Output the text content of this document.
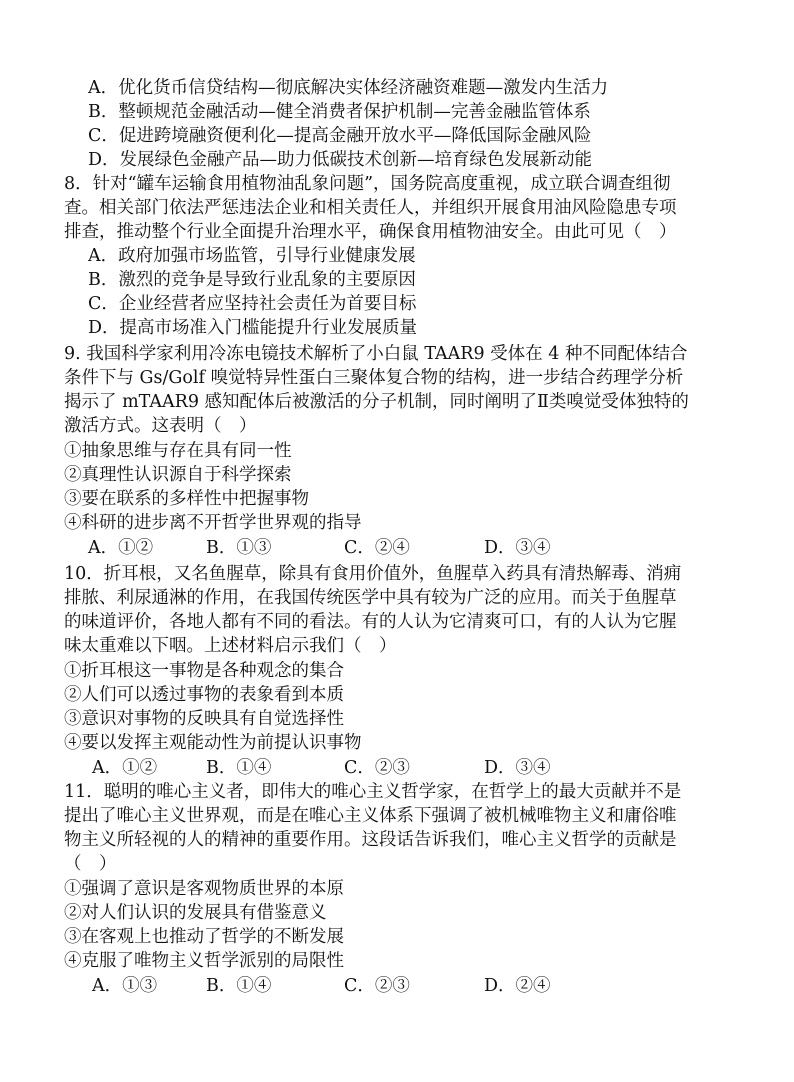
A．优化货币信贷结构—彻底解决实体经济融资难题—激发内生活力
B．整顿规范金融活动—健全消费者保护机制—完善金融监管体系
C．促进跨境融资便利化—提高金融开放水平—降低国际金融风险
D．发展绿色金融产品—助力低碳技术创新—培育绿色发展新动能
8．针对“罐车运输食用植物油乱象问题”，国务院高度重视，成立联合调查组彻
查。相关部门依法严惩违法企业和相关责任人，并组织开展食用油风险隐患专项
排查，推动整个行业全面提升治理水平，确保食用植物油安全。由此可见（　）
A．政府加强市场监管，引导行业健康发展
B．激烈的竞争是导致行业乱象的主要原因
C．企业经营者应坚持社会责任为首要目标
D．提高市场准入门槛能提升行业发展质量
9. 我国科学家利用冷冻电镜技术解析了小白鼠 TAAR9 受体在 4 种不同配体结合
条件下与 Gs/Golf 嗅觉特异性蛋白三聚体复合物的结构，进一步结合药理学分析
揭示了 mTAAR9 感知配体后被激活的分子机制，同时阐明了Ⅱ类嗅觉受体独特的
激活方式。这表明（　）
①抽象思维与存在具有同一性
②真理性认识源自于科学探索
③要在联系的多样性中把握事物
④科研的进步离不开哲学世界观的指导
A．①②	B．①③	C．②④	D．③④
10．折耳根，又名鱼腥草，除具有食用价值外，鱼腥草入药具有清热解毒、消痈
排脓、利尿通淋的作用，在我国传统医学中具有较为广泛的应用。而关于鱼腥草
的味道评价，各地人都有不同的看法。有的人认为它清爽可口，有的人认为它腥
味太重难以下咽。上述材料启示我们（　）
①折耳根这一事物是各种观念的集合
②人们可以透过事物的表象看到本质
③意识对事物的反映具有自觉选择性
④要以发挥主观能动性为前提认识事物
A．①②	B．①④	C．②③	D．③④
11．聪明的唯心主义者，即伟大的唯心主义哲学家，在哲学上的最大贡献并不是
提出了唯心主义世界观，而是在唯心主义体系下强调了被机械唯物主义和庸俗唯
物主义所轻视的人的精神的重要作用。这段话告诉我们，唯心主义哲学的贡献是
（　）
①强调了意识是客观物质世界的本原
②对人们认识的发展具有借鉴意义
③在客观上也推动了哲学的不断发展
④克服了唯物主义哲学派别的局限性
A．①③	B．①④	C．②③	D．②④
